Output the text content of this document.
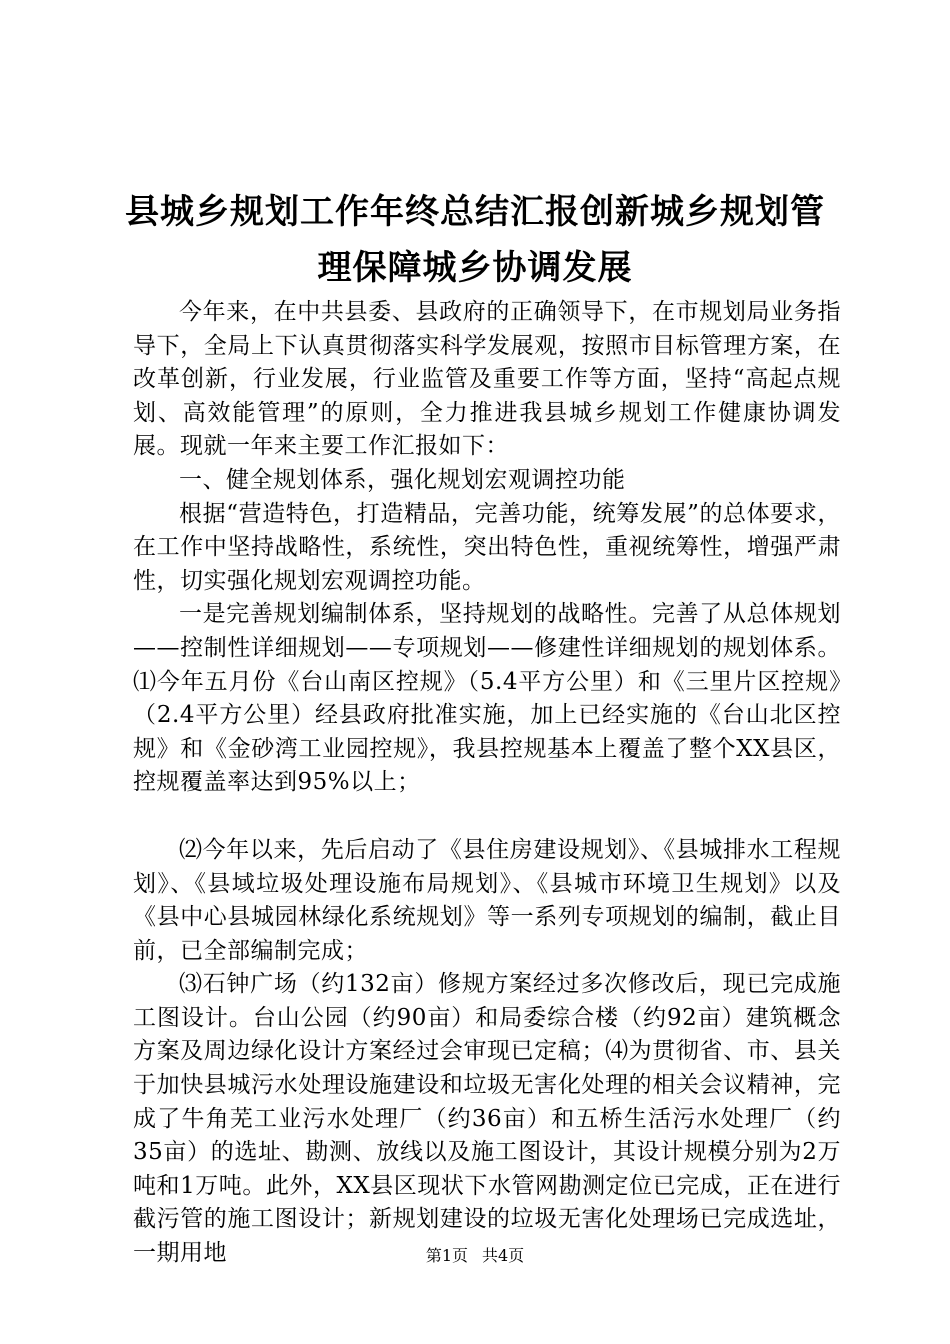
县城乡规划工作年终总结汇报创新城乡规划管理保障城乡协调发展

今年来，在中共县委、县政府的正确领导下，在市规划局业务指导下，全局上下认真贯彻落实科学发展观，按照市目标管理方案，在改革创新，行业发展，行业监管及重要工作等方面，坚持“高起点规划、高效能管理”的原则，全力推进我县城乡规划工作健康协调发展。现就一年来主要工作汇报如下：

一、健全规划体系，强化规划宏观调控功能

根据“营造特色，打造精品，完善功能，统筹发展”的总体要求，在工作中坚持战略性，系统性，突出特色性，重视统筹性，增强严肃性，切实强化规划宏观调控功能。

一是完善规划编制体系，坚持规划的战略性。完善了从总体规划——控制性详细规划——专项规划——修建性详细规划的规划体系。⑴今年五月份《台山南区控规》（5.4平方公里）和《三里片区控规》（2.4平方公里）经县政府批准实施，加上已经实施的《台山北区控规》和《金砂湾工业园控规》，我县控规基本上覆盖了整个XX县区，控规覆盖率达到95%以上；

⑵今年以来，先后启动了《县住房建设规划》、《县城排水工程规划》、《县域垃圾处理设施布局规划》、《县城市环境卫生规划》以及《县中心县城园林绿化系统规划》等一系列专项规划的编制，截止目前，已全部编制完成；

⑶石钟广场（约132亩）修规方案经过多次修改后，现已完成施工图设计。台山公园（约90亩）和局委综合楼（约92亩）建筑概念方案及周边绿化设计方案经过会审现已定稿；⑷为贯彻省、市、县关于加快县城污水处理设施建设和垃圾无害化处理的相关会议精神，完成了牛角芜工业污水处理厂（约36亩）和五桥生活污水处理厂（约35亩）的选址、勘测、放线以及施工图设计，其设计规模分别为2万吨和1万吨。此外，XX县区现状下水管网勘测定位已完成，正在进行截污管的施工图设计；新规划建设的垃圾无害化处理场已完成选址，一期用地	第1页 共4页
